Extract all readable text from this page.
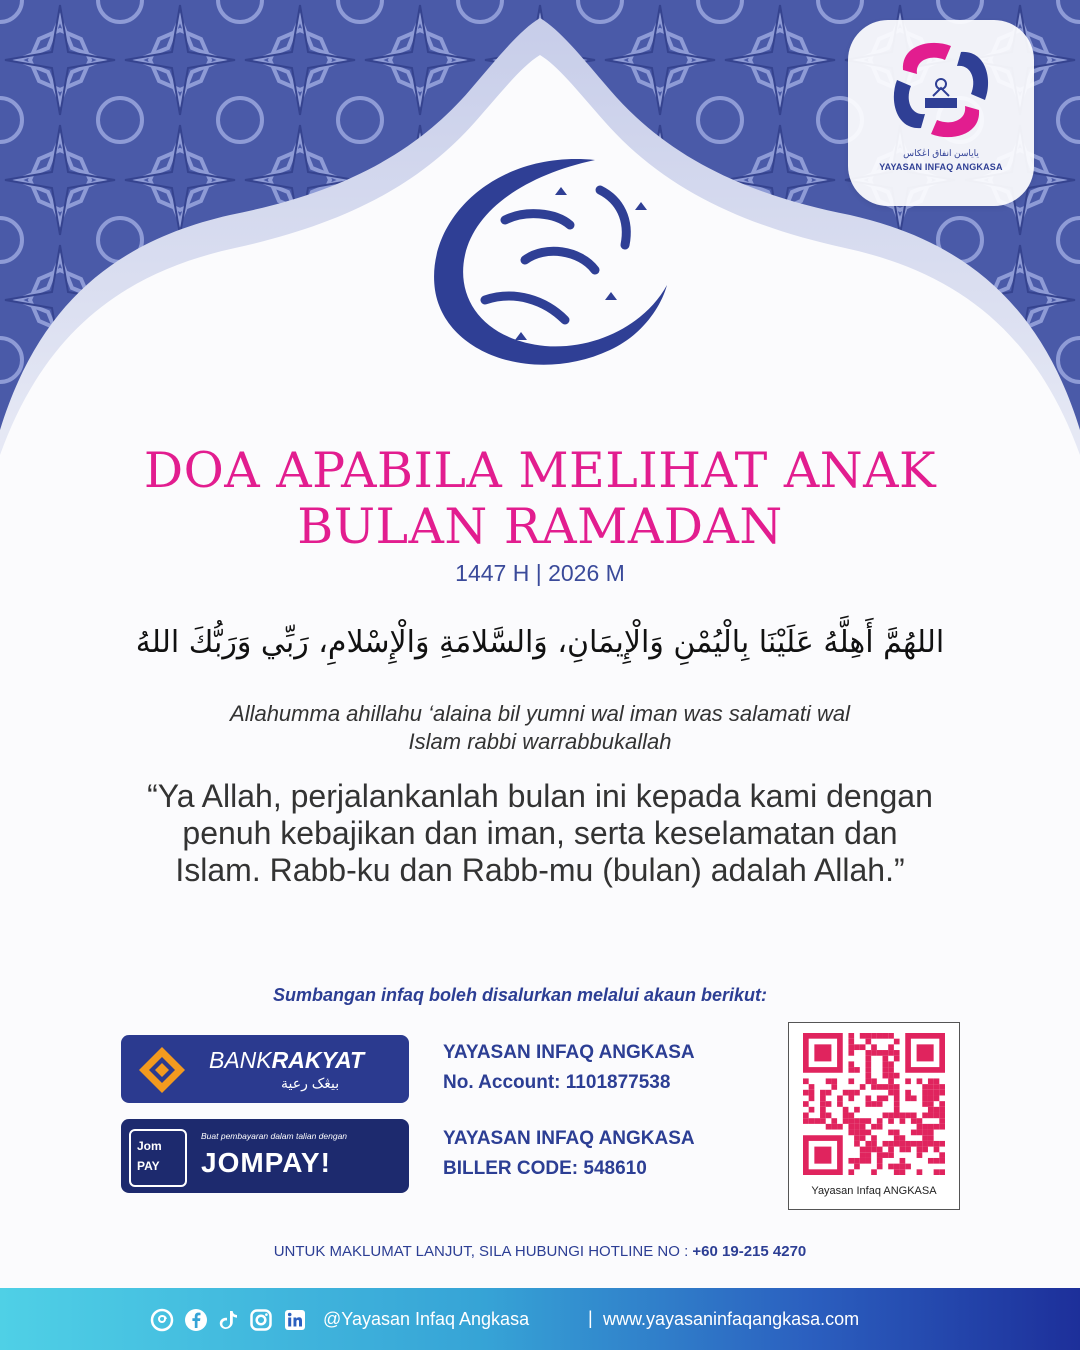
ياياسن انفاق اڠكاس
YAYASAN INFAQ ANGKASA
رمضان كريم
DOA APABILA MELIHAT ANAK
BULAN RAMADAN
1447 H | 2026 M
اللهُمَّ أَهِلَّهُ عَلَيْنَا بِالْيُمْنِ وَالْإِيمَانِ، وَالسَّلامَةِ وَالْإِسْلامِ، رَبِّي وَرَبُّكَ اللهُ
Allahumma ahillahu ‘alaina bil yumni wal iman was salamati wal
Islam rabbi warrabbukallah
“Ya Allah, perjalankanlah bulan ini kepada kami dengan
penuh kebajikan dan iman, serta keselamatan dan
Islam. Rabb-ku dan Rabb-mu (bulan) adalah Allah.”
Sumbangan infaq boleh disalurkan melalui akaun berikut:
BANKRAKYAT
بيڠک رعية
YAYASAN INFAQ ANGKASA
No. Account: 1101877538
Jom
PAY
Buat pembayaran dalam talian dengan
JOMPAY!
YAYASAN INFAQ ANGKASA
BILLER CODE: 548610
Yayasan Infaq ANGKASA
UNTUK MAKLUMAT LANJUT, SILA HUBUNGI HOTLINE NO : +60 19-215 4270
@Yayasan Infaq Angkasa	| www.yayasaninfaqangkasa.com
